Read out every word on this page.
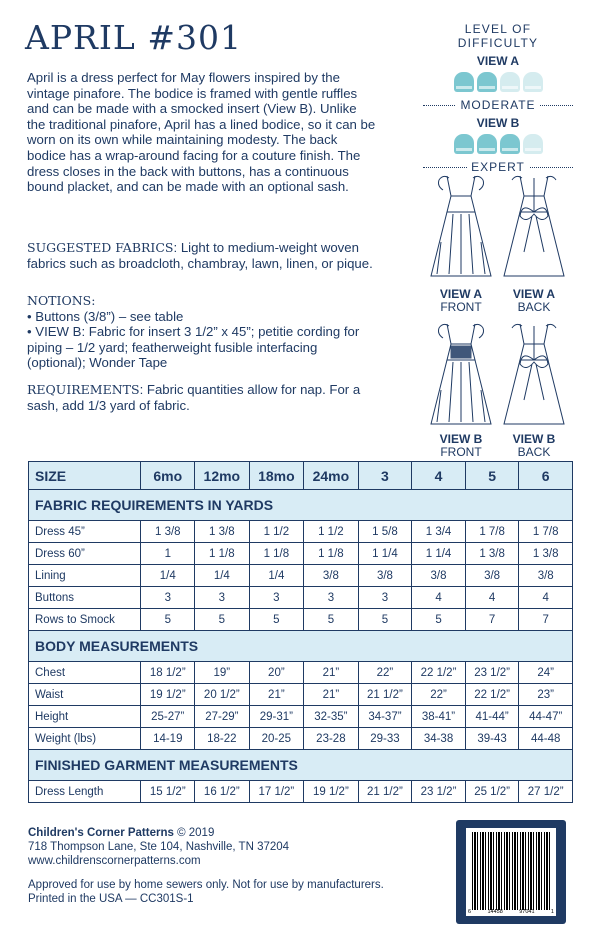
APRIL #301

April is a dress perfect for May flowers inspired by the vintage pinafore. The bodice is framed with gentle ruffles and can be made with a smocked insert (View B). Unlike the traditional pinafore, April has a lined bodice, so it can be worn on its own while maintaining modesty. The back bodice has a wrap-around facing for a couture finish. The dress closes in the back with buttons, has a continuous bound placket, and can be made with an optional sash.

SUGGESTED FABRICS: Light to medium-weight woven fabrics such as broadcloth, chambray, lawn, linen, or pique.

NOTIONS:
• Buttons (3/8”) – see table
• VIEW B: Fabric for insert 3 1/2” x 45”; petitie cording for piping – 1/2 yard; featherweight fusible interfacing (optional); Wonder Tape

REQUIREMENTS: Fabric quantities allow for nap. For a sash, add 1/3 yard of fabric.

LEVEL OF DIFFICULTY
VIEW A
MODERATE
VIEW B
EXPERT
VIEW A
FRONT
VIEW A
BACK
VIEW B
FRONT
VIEW B
BACK
SIZE	6mo	12mo	18mo	24mo	3	4	5	6
FABRIC REQUIREMENTS IN YARDS								
Dress 45”	1 3/8	1 3/8	1 1/2	1 1/2	1 5/8	1 3/4	1 7/8	1 7/8
Dress 60”	1	1 1/8	1 1/8	1 1/8	1 1/4	1 1/4	1 3/8	1 3/8
Lining	1/4	1/4	1/4	3/8	3/8	3/8	3/8	3/8
Buttons	3	3	3	3	3	4	4	4
Rows to Smock	5	5	5	5	5	5	7	7
BODY MEASUREMENTS								
Chest	18 1/2”	19”	20”	21”	22”	22 1/2”	23 1/2”	24”
Waist	19 1/2”	20 1/2”	21”	21”	21 1/2”	22”	22 1/2”	23”
Height	25-27”	27-29”	29-31”	32-35”	34-37”	38-41”	41-44”	44-47”
Weight (lbs)	14-19	18-22	20-25	23-28	29-33	34-38	39-43	44-48
FINISHED GARMENT MEASUREMENTS								
Dress Length	15 1/2”	16 1/2”	17 1/2”	19 1/2”	21 1/2”	23 1/2”	25 1/2”	27 1/2”
Children's Corner Patterns © 2019
718 Thompson Lane, Ste 104, Nashville, TN 37204
www.childrenscornerpatterns.com
Approved for use by home sewers only. Not for use by manufacturers.
Printed in the USA — CC301S-1
6	14458	97041	1
